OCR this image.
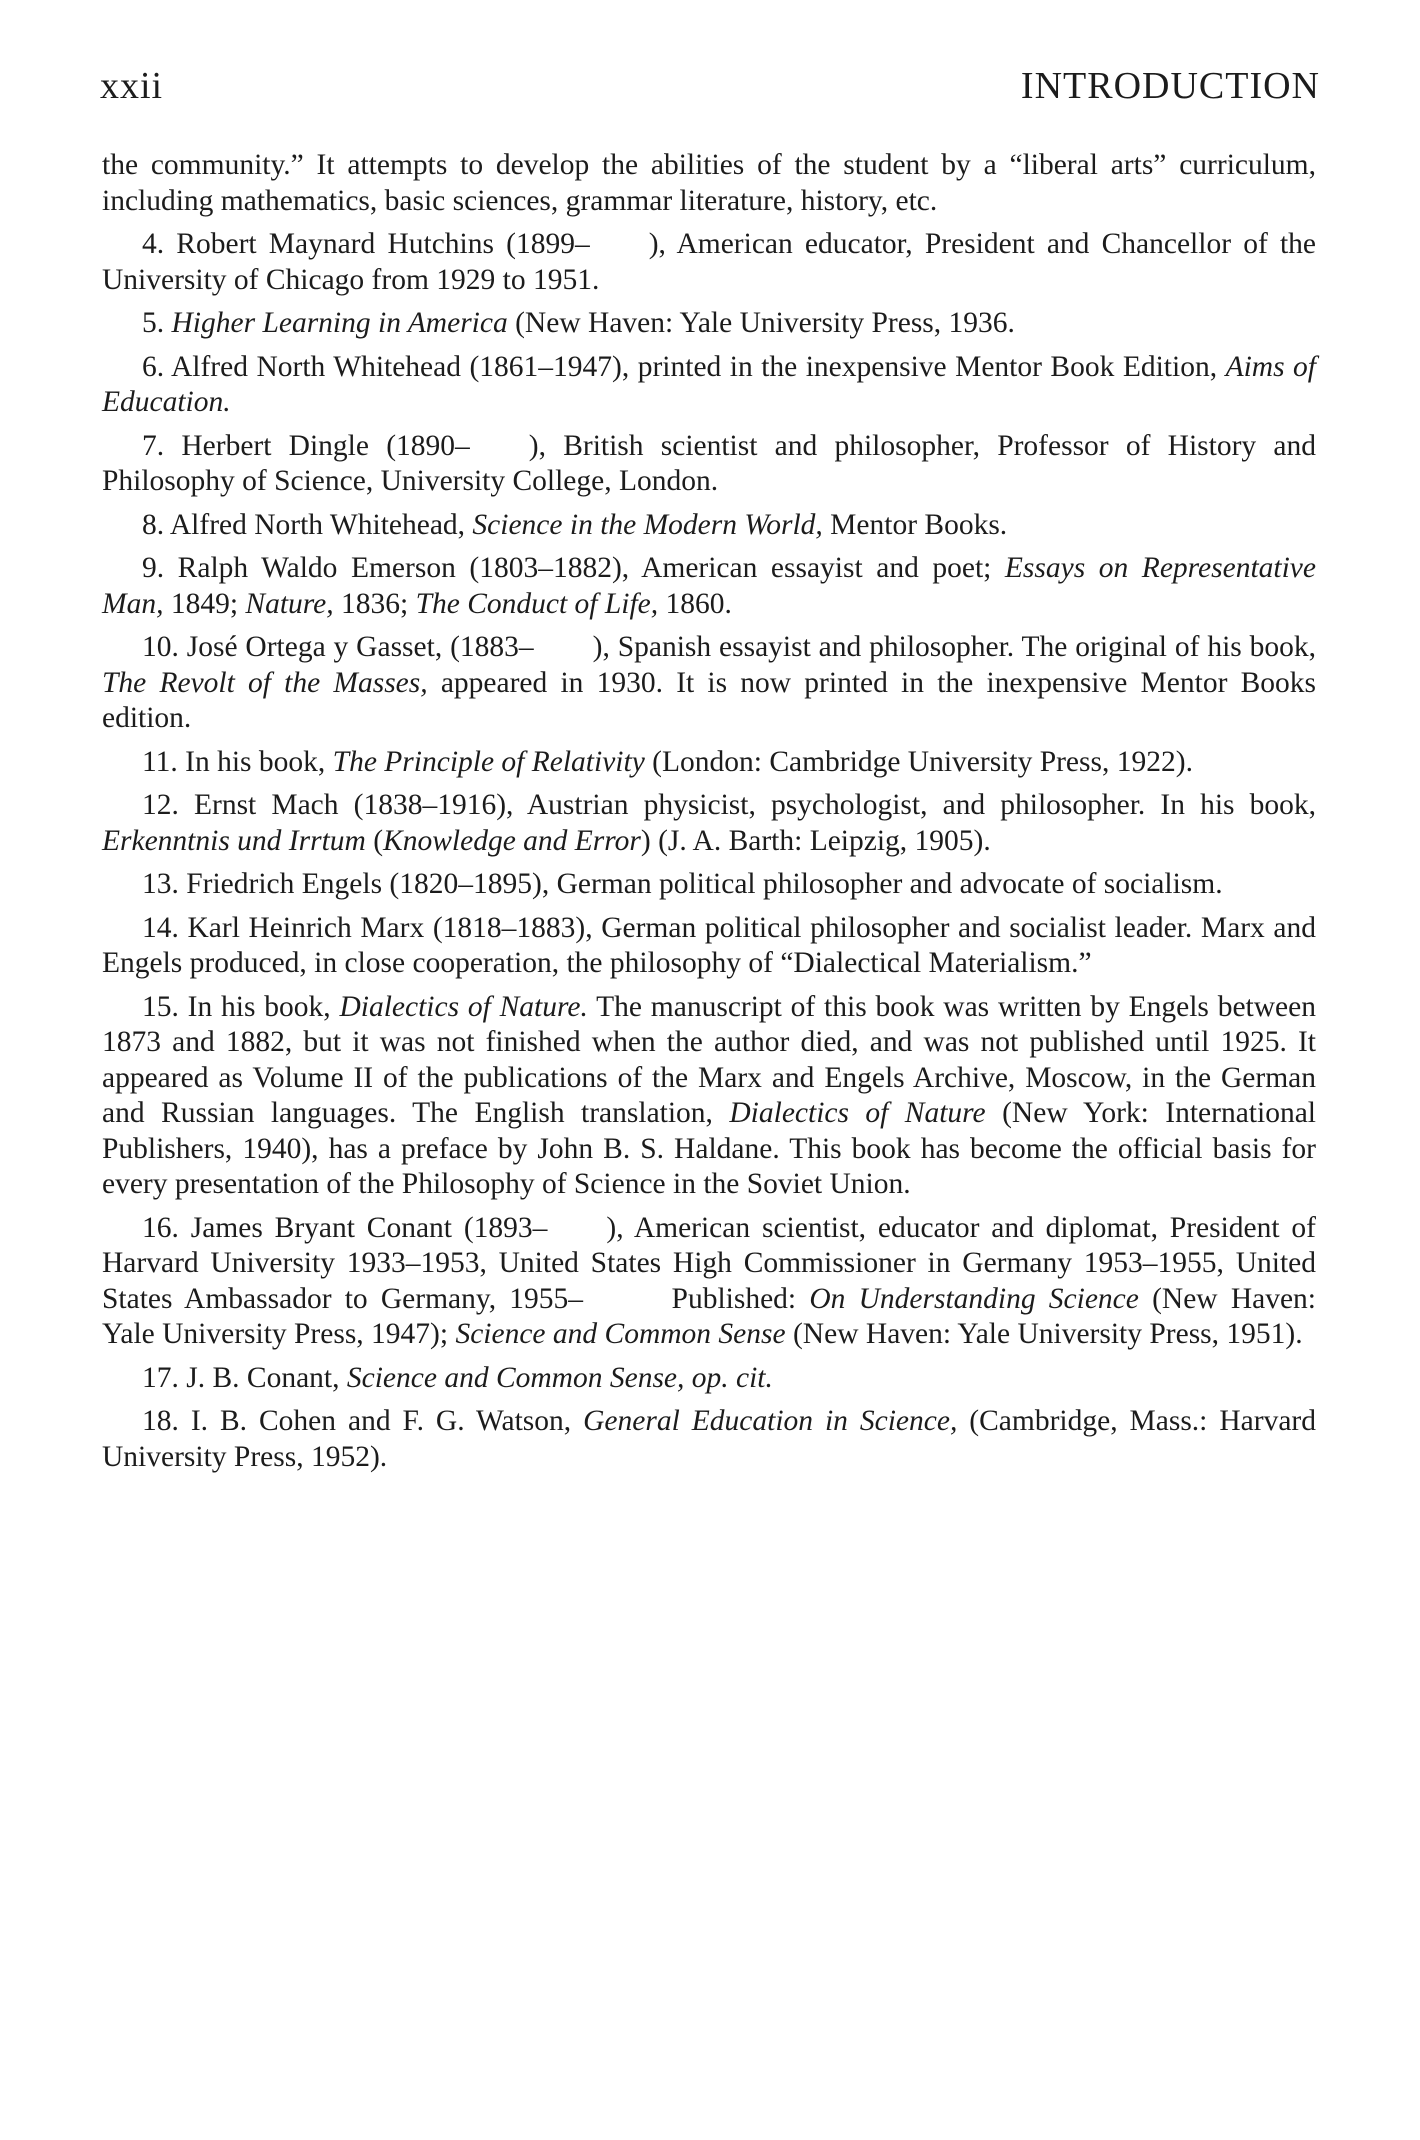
xxii	INTRODUCTION

the community.” It attempts to develop the abilities of the student by a “liberal arts” curriculum, including mathematics, basic sciences, grammar literature, history, etc.

4. Robert Maynard Hutchins (1899–  ), American educator, President and Chancellor of the University of Chicago from 1929 to 1951.

5. Higher Learning in America (New Haven: Yale University Press, 1936.

6. Alfred North Whitehead (1861–1947), printed in the inexpensive Mentor Book Edition, Aims of Education.

7. Herbert Dingle (1890–  ), British scientist and philosopher, Professor of History and Philosophy of Science, University College, London.

8. Alfred North Whitehead, Science in the Modern World, Mentor Books.

9. Ralph Waldo Emerson (1803–1882), American essayist and poet; Essays on Representative Man, 1849; Nature, 1836; The Conduct of Life, 1860.

10. José Ortega y Gasset, (1883–  ), Spanish essayist and philosopher. The original of his book, The Revolt of the Masses, appeared in 1930. It is now printed in the inexpensive Mentor Books edition.

11. In his book, The Principle of Relativity (London: Cambridge University Press, 1922).

12. Ernst Mach (1838–1916), Austrian physicist, psychologist, and philosopher. In his book, Erkenntnis und Irrtum (Knowledge and Error) (J. A. Barth: Leipzig, 1905).

13. Friedrich Engels (1820–1895), German political philosopher and advocate of socialism.

14. Karl Heinrich Marx (1818–1883), German political philosopher and socialist leader. Marx and Engels produced, in close cooperation, the philosophy of “Dialectical Materialism.”

15. In his book, Dialectics of Nature. The manuscript of this book was written by Engels between 1873 and 1882, but it was not finished when the author died, and was not published until 1925. It appeared as Volume II of the publications of the Marx and Engels Archive, Moscow, in the German and Russian languages. The English translation, Dialectics of Nature (New York: International Publishers, 1940), has a preface by John B. S. Haldane. This book has become the official basis for every presentation of the Philosophy of Science in the Soviet Union.

16. James Bryant Conant (1893–  ), American scientist, educator and diplomat, President of Harvard University 1933–1953, United States High Commissioner in Germany 1953–1955, United States Ambassador to Germany, 1955–   Published: On Understanding Science (New Haven: Yale University Press, 1947); Science and Common Sense (New Haven: Yale University Press, 1951).

17. J. B. Conant, Science and Common Sense, op. cit.

18. I. B. Cohen and F. G. Watson, General Education in Science, (Cambridge, Mass.: Harvard University Press, 1952).
